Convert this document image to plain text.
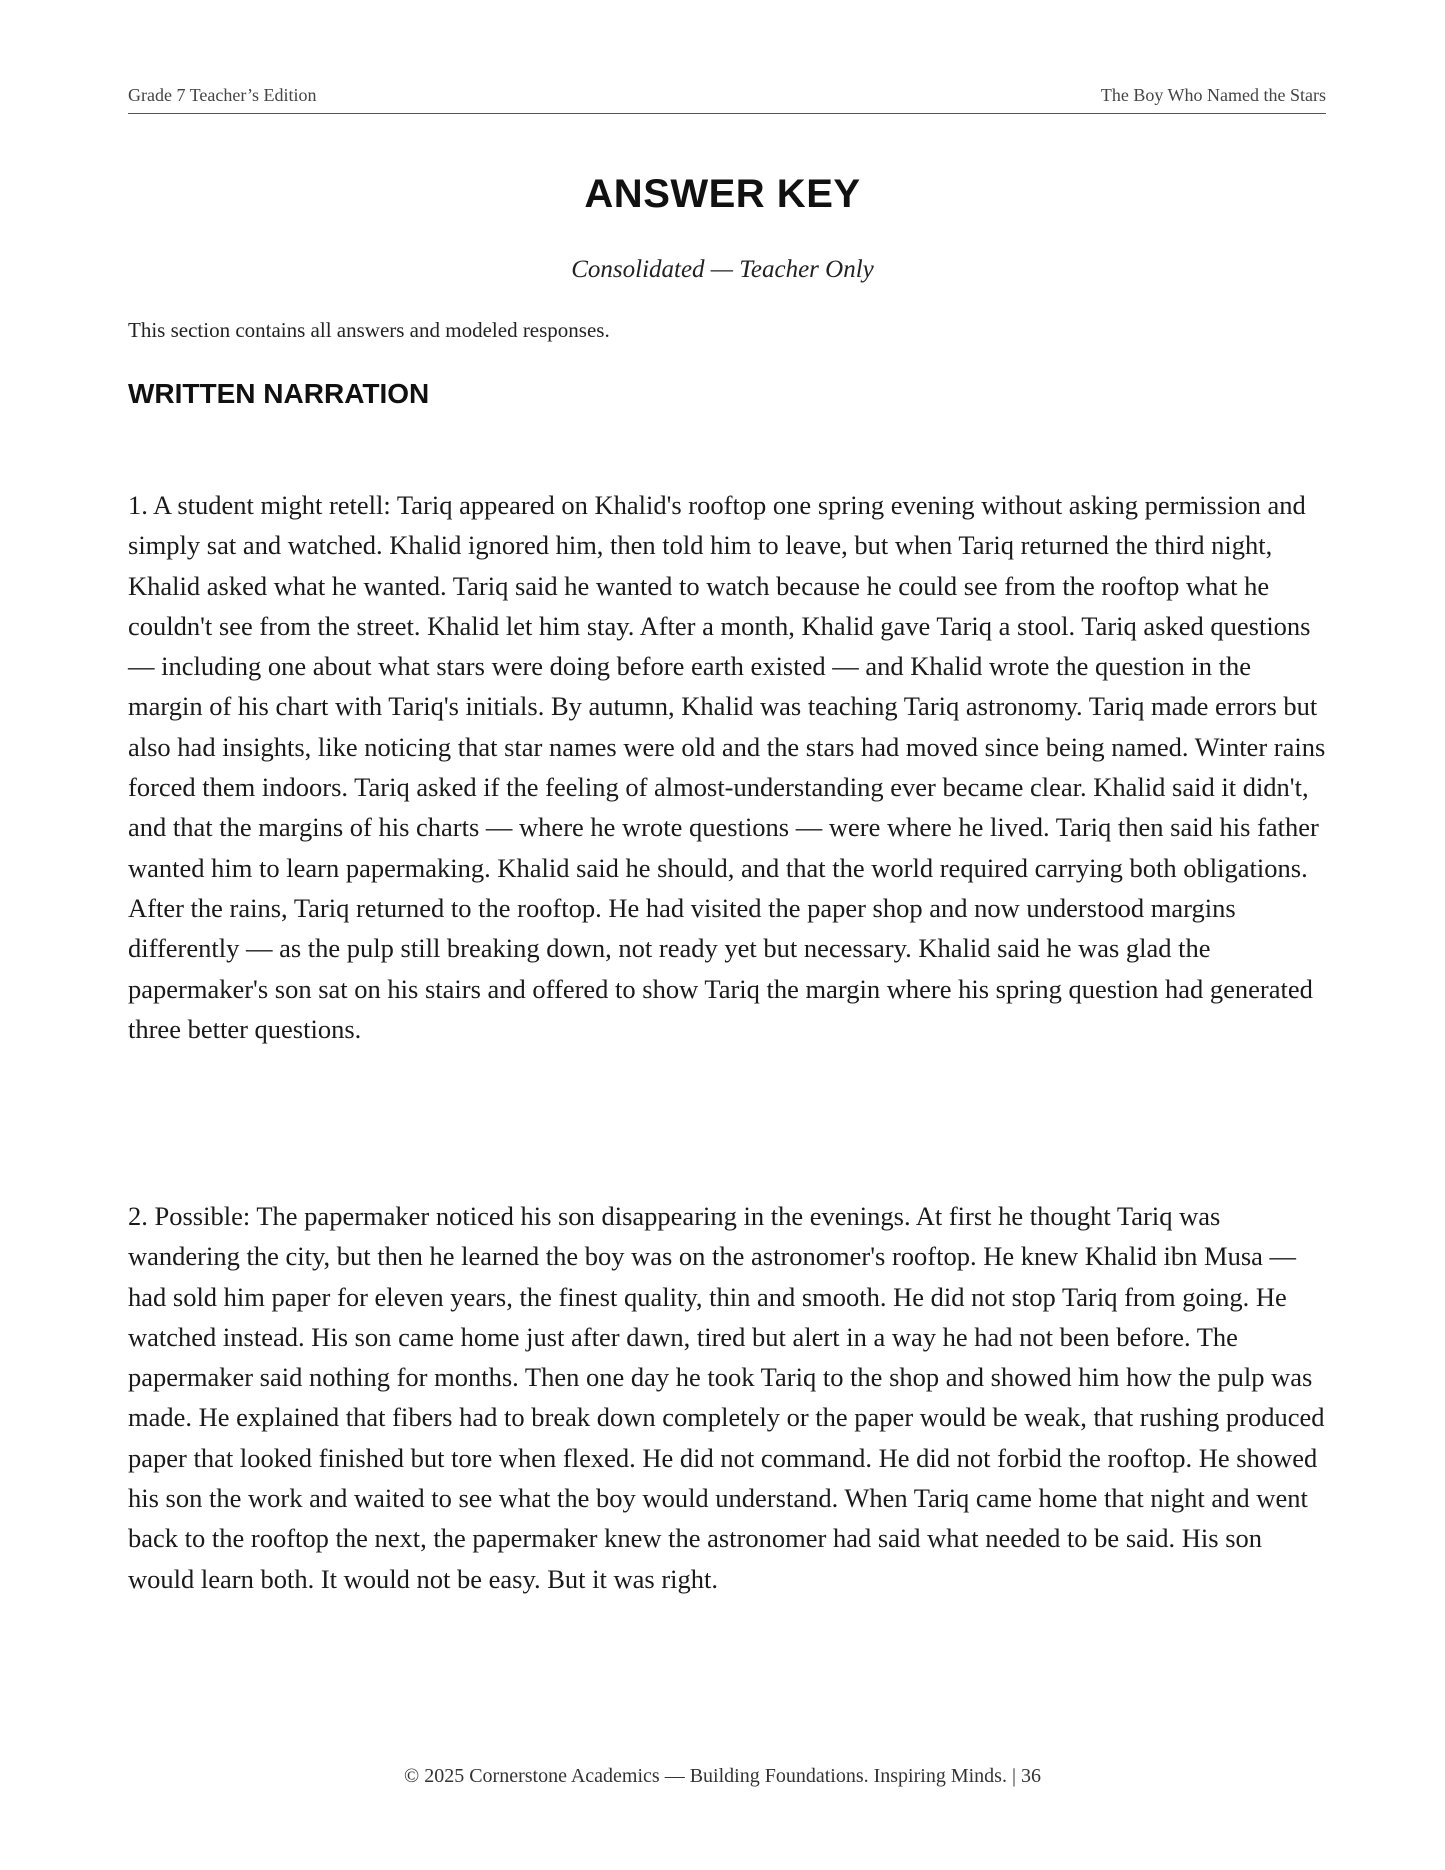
Grade 7 Teacher’s Edition	The Boy Who Named the Stars
ANSWER KEY
Consolidated — Teacher Only
This section contains all answers and modeled responses.
WRITTEN NARRATION

1. A student might retell: Tariq appeared on Khalid's rooftop one spring evening without asking permission and simply sat and watched. Khalid ignored him, then told him to leave, but when Tariq returned the third night, Khalid asked what he wanted. Tariq said he wanted to watch because he could see from the rooftop what he couldn't see from the street. Khalid let him stay. After a month, Khalid gave Tariq a stool. Tariq asked questions — including one about what stars were doing before earth existed — and Khalid wrote the question in the margin of his chart with Tariq's initials. By autumn, Khalid was teaching Tariq astronomy. Tariq made errors but also had insights, like noticing that star names were old and the stars had moved since being named. Winter rains forced them indoors. Tariq asked if the feeling of almost-understanding ever became clear. Khalid said it didn't, and that the margins of his charts — where he wrote questions — were where he lived. Tariq then said his father wanted him to learn papermaking. Khalid said he should, and that the world required carrying both obligations. After the rains, Tariq returned to the rooftop. He had visited the paper shop and now understood margins differently — as the pulp still breaking down, not ready yet but necessary. Khalid said he was glad the papermaker's son sat on his stairs and offered to show Tariq the margin where his spring question had generated three better questions.

2. Possible: The papermaker noticed his son disappearing in the evenings. At first he thought Tariq was wandering the city, but then he learned the boy was on the astronomer's rooftop. He knew Khalid ibn Musa — had sold him paper for eleven years, the finest quality, thin and smooth. He did not stop Tariq from going. He watched instead. His son came home just after dawn, tired but alert in a way he had not been before. The papermaker said nothing for months. Then one day he took Tariq to the shop and showed him how the pulp was made. He explained that fibers had to break down completely or the paper would be weak, that rushing produced paper that looked finished but tore when flexed. He did not command. He did not forbid the rooftop. He showed his son the work and waited to see what the boy would understand. When Tariq came home that night and went back to the rooftop the next, the papermaker knew the astronomer had said what needed to be said. His son would learn both. It would not be easy. But it was right.

© 2025 Cornerstone Academics — Building Foundations. Inspiring Minds. | 36
